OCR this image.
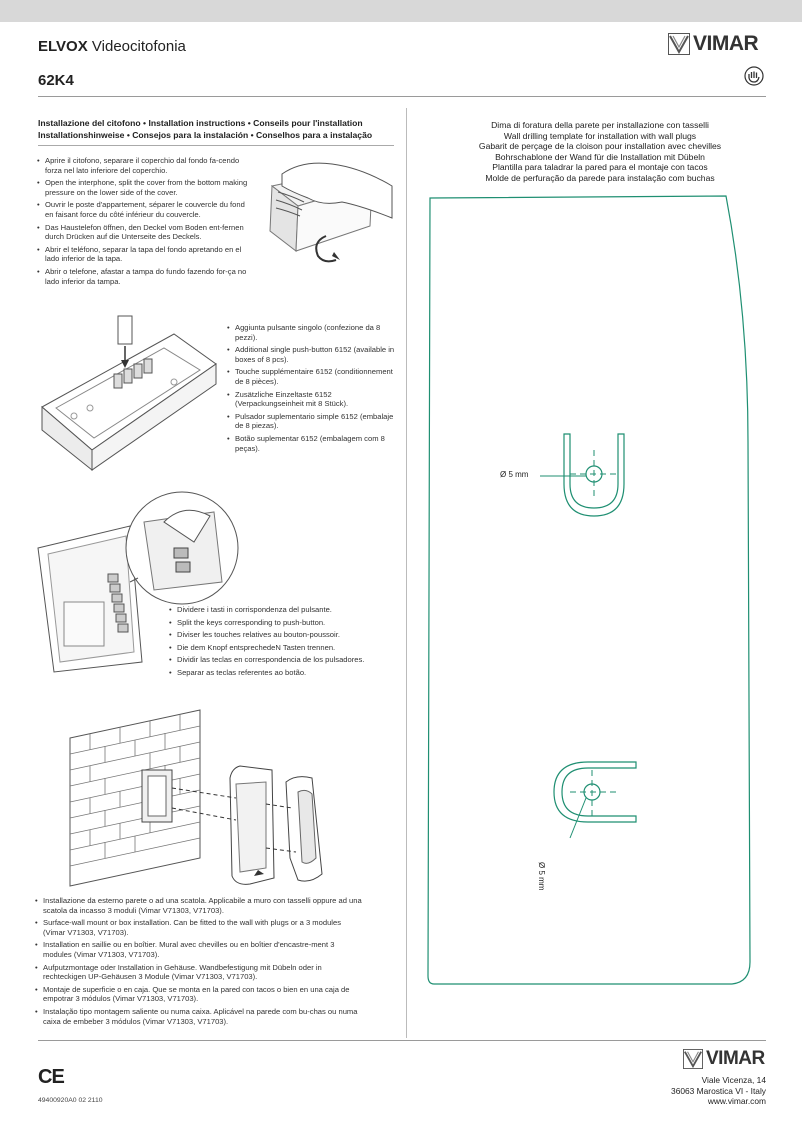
ELVOX Videocitofonia
62K4
VIMAR
Installazione del citofono • Installation instructions • Conseils pour l'installation
Installationshinweise • Consejos para la instalación • Conselhos para a instalação
• Aprire il citofono, separare il coperchio dal fondo fa-cendo forza nel lato inferiore del coperchio.
• Open the interphone, split the cover from the bottom making pressure on the lower side of the cover.
• Ouvrir le poste d'appartement, séparer le couvercle du fond en faisant force du côté inférieur du couvercle.
• Das Haustelefon öffnen, den Deckel vom Boden ent-fernen durch Drücken auf die Unterseite des Deckels.
• Abrir el teléfono, separar la tapa del fondo apretando en el lado inferior de la tapa.
• Abrir o telefone, afastar a tampa do fundo fazendo for-ça no lado inferior da tampa.
• Aggiunta pulsante singolo (confezione da 8 pezzi).
• Additional single push-button 6152 (available in boxes of 8 pcs).
• Touche supplémentaire 6152 (conditionnement de 8 pièces).
• Zusätzliche Einzeltaste 6152 (Verpackungseinheit mit 8 Stück).
• Pulsador suplementario simple 6152 (embalaje de 8 piezas).
• Botão suplementar 6152 (embalagem com 8 peças).
• Dividere i tasti in corrispondenza del pulsante.
• Split the keys corresponding to push-button.
• Diviser les touches relatives au bouton-poussoir.
• Die dem Knopf entsprechedeN Tasten trennen.
• Dividir las teclas en correspondencia de los pulsadores.
• Separar as teclas referentes ao botão.
• Installazione da esterno parete o ad una scatola. Applicabile a muro con tasselli oppure ad una scatola da incasso 3 moduli (Vimar V71303, V71703).
• Surface-wall mount or box installation. Can be fitted to the wall with plugs or a 3 modules (Vimar V71303, V71703).
• Installation en saillie ou en boîtier. Mural avec chevilles ou en boîtier d'encastre-ment 3 modules (Vimar V71303, V71703).
• Aufputzmontage oder Installation in Gehäuse. Wandbefestigung mit Dübeln oder in rechteckigen UP-Gehäusen 3 Module (Vimar V71303, V71703).
• Montaje de superficie o en caja. Que se monta en la pared con tacos o bien en una caja de empotrar 3 módulos (Vimar V71303, V71703).
• Instalação tipo montagem saliente ou numa caixa. Aplicável na parede com bu-chas ou numa caixa de embeber 3 módulos (Vimar V71303, V71703).
Dima di foratura della parete per installazione con tasselli
Wall drilling template for installation with wall plugs
Gabarit de perçage de la cloison pour installation avec chevilles
Bohrschablone der Wand für die Installation mit Dübeln
Plantilla para taladrar la pared para el montaje con tacos
Molde de perfuração da parede para instalação com buchas
Ø 5 mm
Ø 5 mm
CE
49400920A0 02 2110
VIMAR
Viale Vicenza, 14
36063 Marostica VI - Italy
www.vimar.com
